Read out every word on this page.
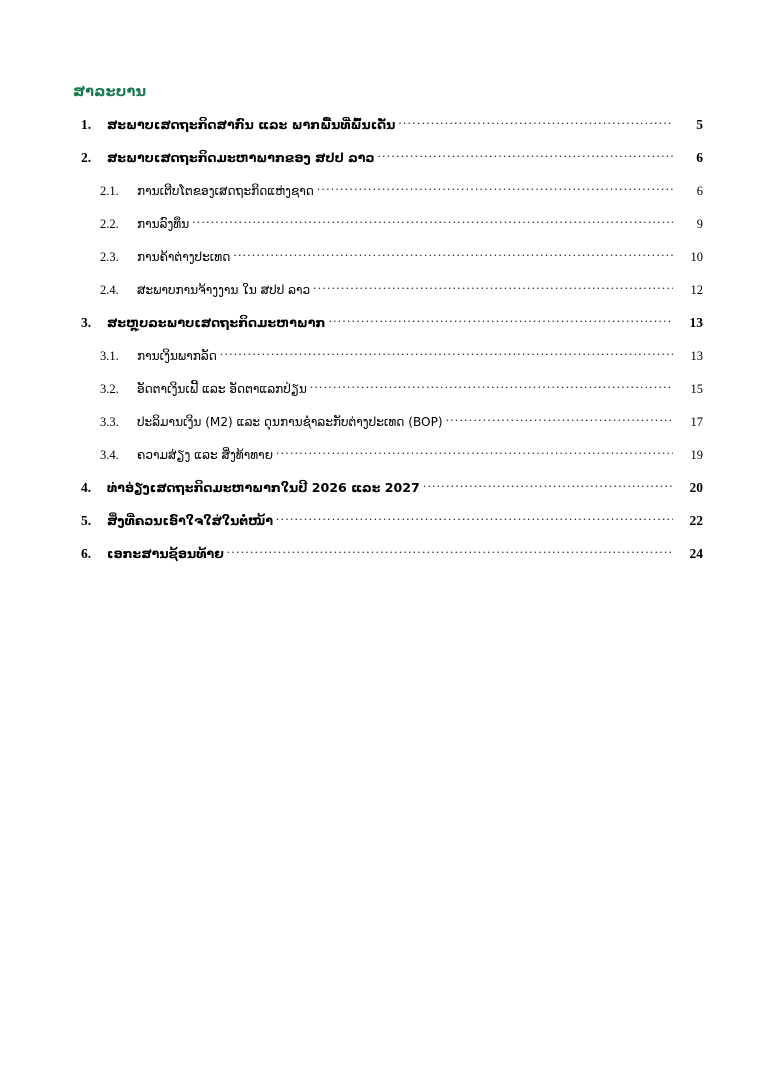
ສາລະບານ
1.	ສະພາບເສດຖະກິດສາກົນ ແລະ ພາກພື້ນທີ່ພົ້ນເດັ່ນ .....	5
2.	ສະພາບເສດຖະກິດມະຫາພາກຂອງ ສປປ ລາວ .....	6
2.1.	ການເຕີບໂຕຂອງເສດຖະກິດແຫ່ງຊາດ .....	6
2.2.	ການລົງທຶນ .....	9
2.3.	ການຄ້າຕ່າງປະເທດ .....	10
2.4.	ສະພາບການຈ້າງງານ ໃນ ສປປ ລາວ .....	12
3.	ສະຫຼຸບລະພາບເສດຖະກິດມະຫາພາກ .....	13
3.1.	ການເງິນພາກລັດ .....	13
3.2.	ອັດຕາເງິນເຟີ້ ແລະ ອັດຕາແລກປ່ຽນ .....	15
3.3.	ປະລິມານເງິນ (M2) ແລະ ດຸນການຊຳລະກັບຕ່າງປະເທດ (BOP) .....	17
3.4.	ຄວາມສ່ຽງ ແລະ ສິ່ງທ້າທາຍ .....	19
4.	ທ່າອ່ຽງເສດຖະກິດມະຫາພາກໃນປີ 2026 ແລະ 2027 .....	20
5.	ສິ່ງທີ່ຄວນເອົາໃຈໃສ່ໃນຕໍ່ໜ້າ .....	22
6.	ເອກະສານຊ້ອນທ້າຍ .....	24
